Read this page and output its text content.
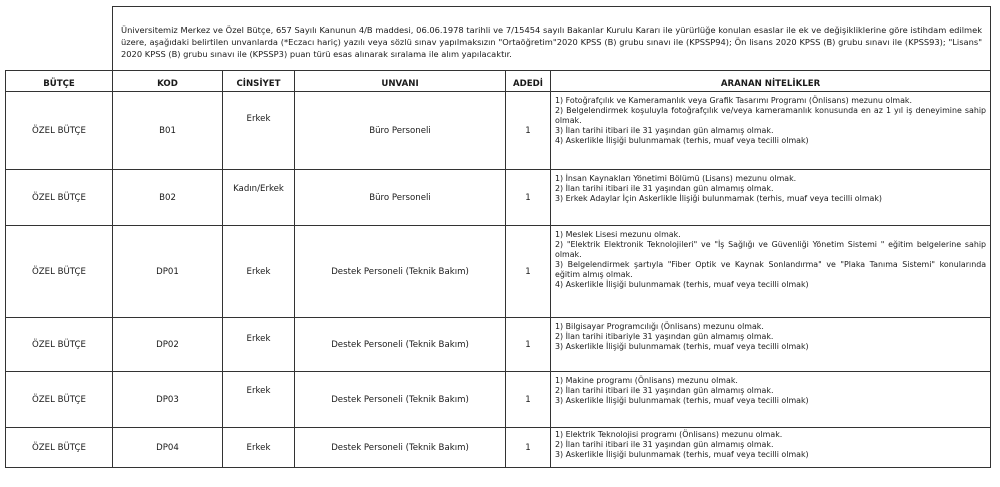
	Üniversitemiz Merkez ve Özel Bütçe, 657 Sayılı Kanunun 4/B maddesi, 06.06.1978 tarihli ve 7/15454 sayılı Bakanlar Kurulu Kararı ile yürürlüğe konulan esaslar ile ek ve değişikliklerine göre istihdam edilmek üzere, aşağıdaki belirtilen unvanlarda (*Eczacı hariç) yazılı veya sözlü sınav yapılmaksızın "Ortaöğretim"2020 KPSS (B) grubu sınavı ile (KPSSP94); Ön lisans 2020 KPSS (B) grubu sınavı ile (KPSS93); "Lisans" 2020 KPSS (B) grubu sınavı ile (KPSSP3) puan türü esas alınarak sıralama ile alım yapılacaktır.				
BÜTÇE	KOD	CİNSİYET	UNVANI	ADEDİ	ARANAN NİTELİKLER
ÖZEL BÜTÇE	B01	Erkek	Büro Personeli	1	1) Fotoğrafçılık ve Kameramanlık veya Grafik Tasarımı Programı (Önlisans) mezunu olmak.
2) Belgelendirmek koşuluyla fotoğrafçılık ve/veya kameramanlık konusunda en az 1 yıl iş deneyimine sahip olmak.
3) İlan tarihi itibari ile 31 yaşından gün almamış olmak.
4) Askerlikle İlişiği bulunmamak (terhis, muaf veya tecilli olmak)

ÖZEL BÜTÇE	B02	Kadın/Erkek	Büro Personeli	1	1) İnsan Kaynakları Yönetimi Bölümü (Lisans) mezunu olmak.
2) İlan tarihi itibari ile 31 yaşından gün almamış olmak.
3) Erkek Adaylar İçin Askerlikle İlişiği bulunmamak (terhis, muaf veya tecilli olmak)

ÖZEL BÜTÇE	DP01	Erkek	Destek Personeli (Teknik Bakım)	1	1) Meslek Lisesi mezunu olmak.
2) "Elektrik Elektronik Teknolojileri" ve "İş Sağlığı ve Güvenliği Yönetim Sistemi " eğitim belgelerine sahip olmak.
3) Belgelendirmek şartıyla "Fiber Optik ve Kaynak Sonlandırma" ve "Plaka Tanıma Sistemi" konularında eğitim almış olmak.
4) Askerlikle İlişiği bulunmamak (terhis, muaf veya tecilli olmak)

ÖZEL BÜTÇE	DP02	Erkek	Destek Personeli (Teknik Bakım)	1	1) Bilgisayar Programcılığı (Önlisans) mezunu olmak.
2) İlan tarihi itibariyle 31 yaşından gün almamış olmak.
3) Askerlikle İlişiği bulunmamak (terhis, muaf veya tecilli olmak)

ÖZEL BÜTÇE	DP03	Erkek	Destek Personeli (Teknik Bakım)	1	1) Makine programı (Önlisans) mezunu olmak.
2) İlan tarihi itibari ile 31 yaşından gün almamış olmak.
3) Askerlikle İlişiği bulunmamak (terhis, muaf veya tecilli olmak)

ÖZEL BÜTÇE	DP04	Erkek	Destek Personeli (Teknik Bakım)	1	1) Elektrik Teknolojisi programı (Önlisans) mezunu olmak.
2) İlan tarihi itibari ile 31 yaşından gün almamış olmak.
3) Askerlikle İlişiği bulunmamak (terhis, muaf veya tecilli olmak)
